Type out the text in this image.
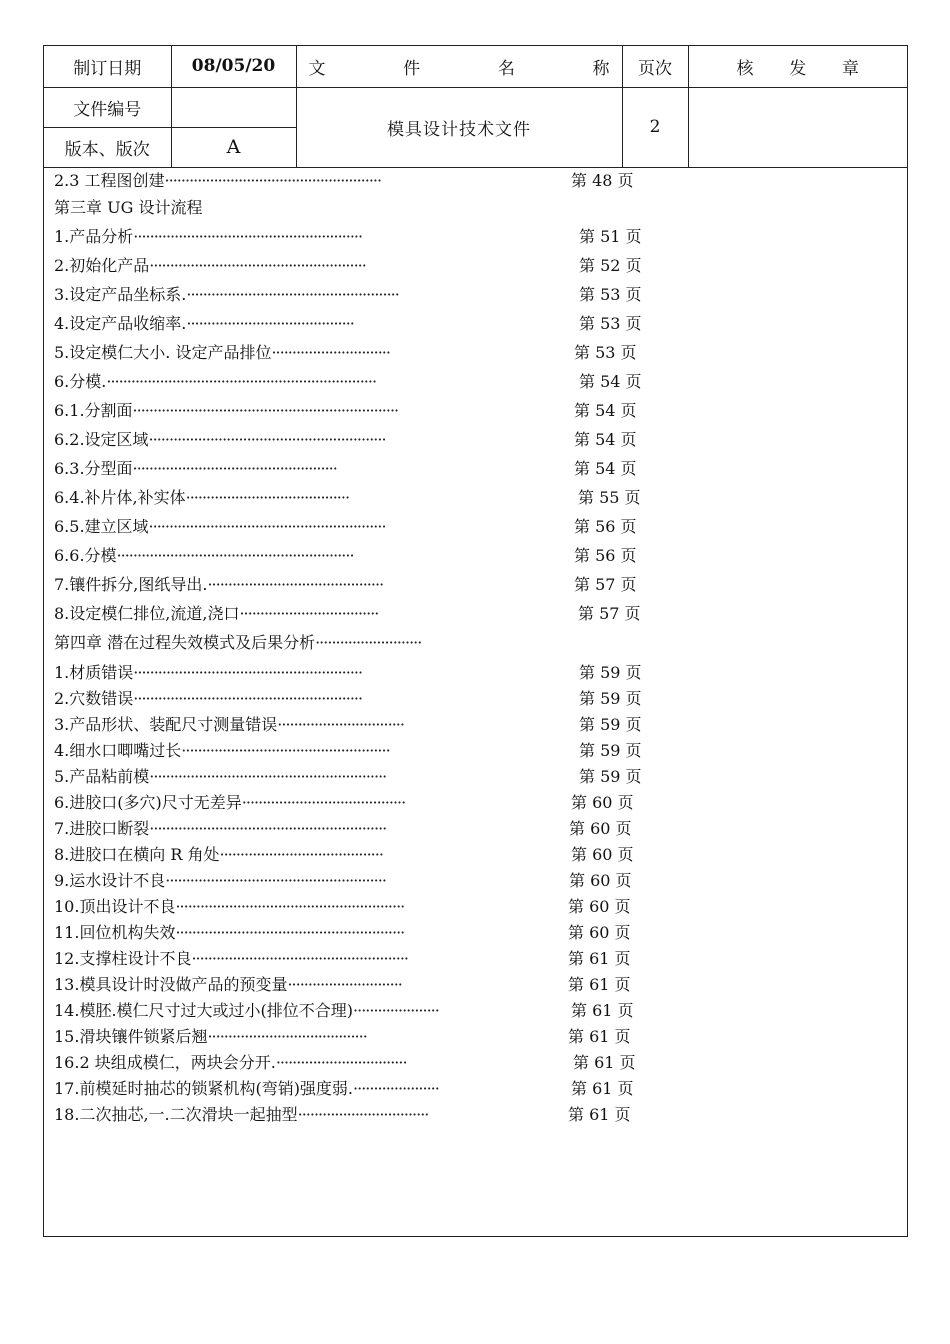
制订日期	08/05/20	文 件 名 称	页次	核 发 章

文件编号		模具设计技术文件	2	
版本、版次	A			
2.3 工程图创建·····················································	第 48 页
第三章 UG 设计流程
1.产品分析························································	第 51 页
2.初始化产品·····················································	第 52 页
3.设定产品坐标系.····················································	第 53 页
4.设定产品收缩率.·········································	第 53 页
5.设定模仁大小. 设定产品排位·····························	第 53 页
6.分模.··································································	第 54 页
6.1.分割面·································································	第 54 页
6.2.设定区域··························································	第 54 页
6.3.分型面··················································	第 54 页
6.4.补片体,补实体········································	第 55 页
6.5.建立区域··························································	第 56 页
6.6.分模··························································	第 56 页
7.镶件拆分,图纸导出.···········································	第 57 页
8.设定模仁排位,流道,浇口··································	第 57 页
第四章 潜在过程失效模式及后果分析··························
1.材质错误························································	第 59 页
2.穴数错误························································	第 59 页
3.产品形状、装配尺寸测量错误·······························	第 59 页
4.细水口唧嘴过长···················································	第 59 页
5.产品粘前模··························································	第 59 页
6.进胶口(多穴)尺寸无差异········································	第 60 页
7.进胶口断裂··························································	第 60 页
8.进胶口在横向 R 角处········································	第 60 页
9.运水设计不良······················································	第 60 页
10.顶出设计不良························································	第 60 页
11.回位机构失效························································	第 60 页
12.支撑柱设计不良·····················································	第 61 页
13.模具设计时没做产品的预变量····························	第 61 页
14.模胚.模仁尺寸过大或过小(排位不合理)·····················	第 61 页
15.滑块镶件锁紧后翘·······································	第 61 页
16.2 块组成模仁，两块会分开.································	第 61 页
17.前模延时抽芯的锁紧机构(弯销)强度弱.·····················	第 61 页
18.二次抽芯,一.二次滑块一起抽型································	第 61 页
